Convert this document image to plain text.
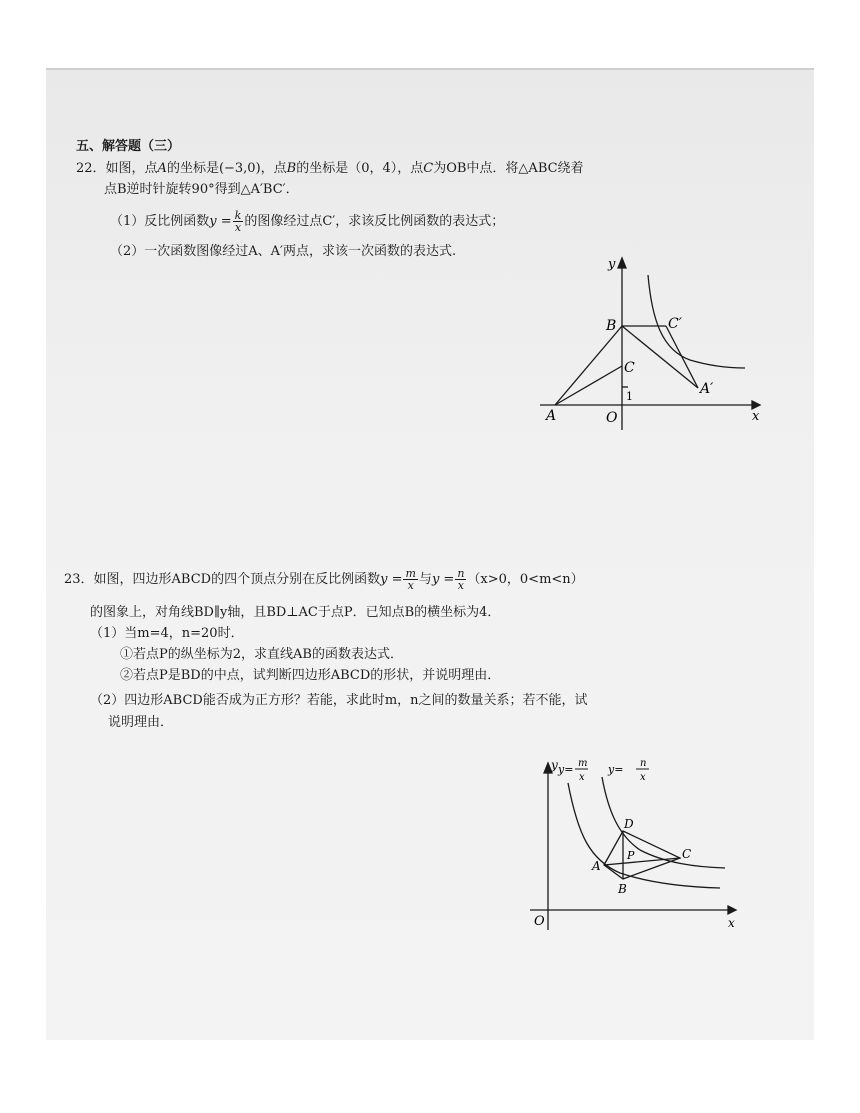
五、解答题（三）
22．如图，点A的坐标是(−3,0)，点B的坐标是（0，4），点C为OB中点．将△ABC绕着
点B逆时针旋转90°得到△A′BC′．
（1）反比例函数$y = \frac{k}{x}$ 的图像经过点C′，求该反比例函数的表达式；
（2）一次函数图像经过A、A′两点，求该一次函数的表达式.
y
x
B	C′
C
A′
A	O
1
23．如图，四边形ABCD的四个顶点分别在反比例函数$y = \frac{m}{x}$ 与$y = \frac{n}{x} (x>0$，0<m<n）
的图象上，对角线BD∥y轴，且BD⊥AC于点P．已知点B的横坐标为4．
（1）当m=4，n=20时．
①若点P的纵坐标为2，求直线AB的函数表达式．
②若点P是BD的中点，试判断四边形ABCD的形状，并说明理由．
（2）四边形ABCD能否成为正方形？若能，求此时m，n之间的数量关系；若不能，试
说明理由．
y y= m
x
y= n
x
x
O
A
B
C
D
P
